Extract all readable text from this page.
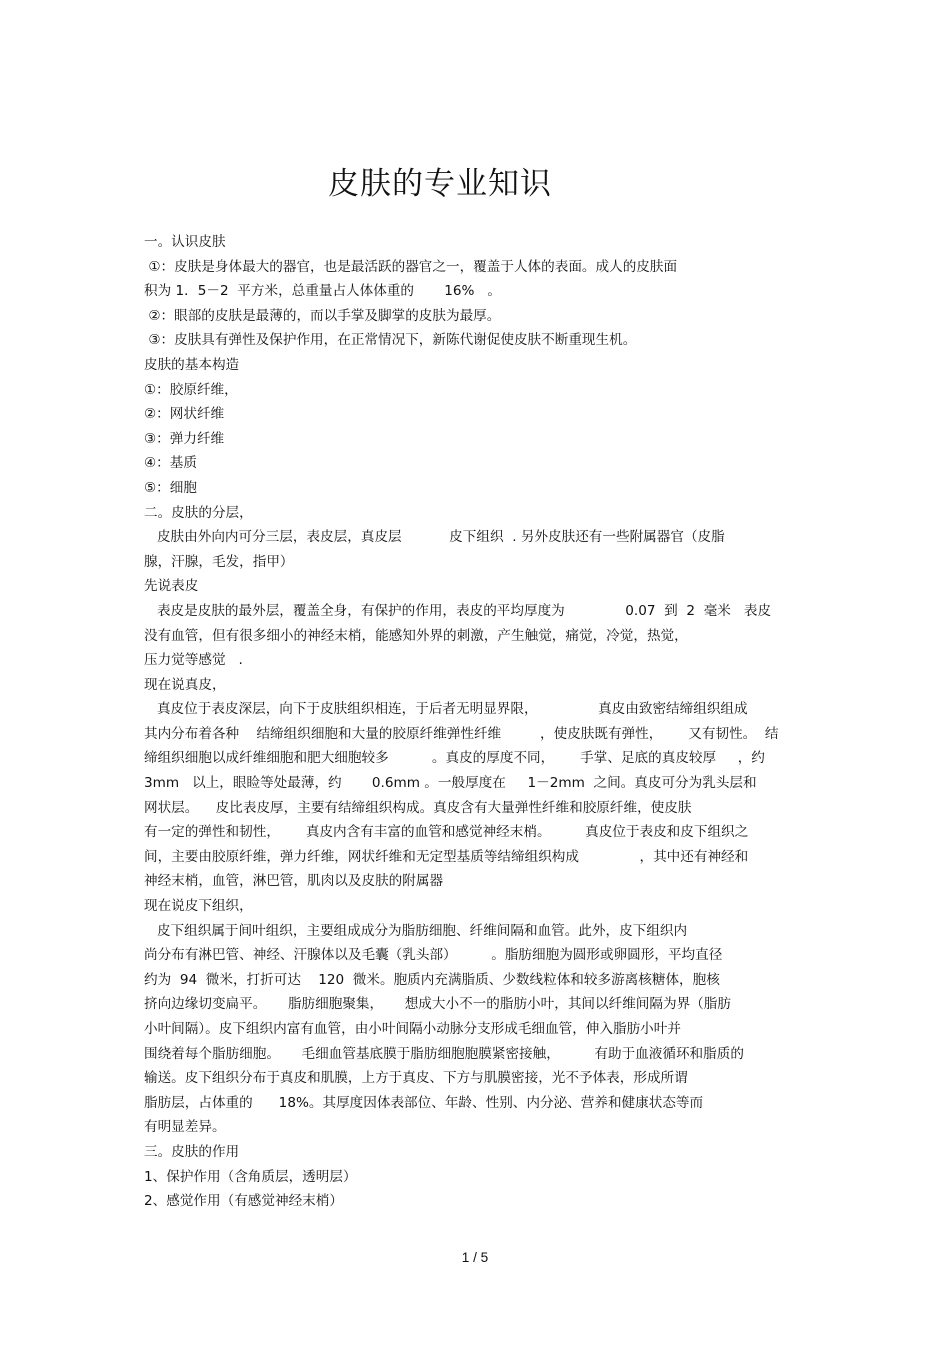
皮肤的专业知识
一。认识皮肤
①：皮肤是身体最大的器官，也是最活跃的器官之一，覆盖于人体的表面。成人的皮肤面
积为 1．5－2  平方米，总重量占人体体重的       16%   。
②：眼部的皮肤是最薄的，而以手掌及脚掌的皮肤为最厚。
③：皮肤具有弹性及保护作用，在正常情况下，新陈代谢促使皮肤不断重现生机。
皮肤的基本构造
①：胶原纤维，
②：网状纤维
③：弹力纤维
④：基质
⑤：细胞
二。皮肤的分层，
皮肤由外向内可分三层，表皮层，真皮层           皮下组织  . 另外皮肤还有一些附属器官（皮脂
腺，汗腺，毛发，指甲）
先说表皮
表皮是皮肤的最外层，覆盖全身，有保护的作用，表皮的平均厚度为              0.07  到  2  毫米   表皮
没有血管，但有很多细小的神经末梢，能感知外界的刺激，产生触觉，痛觉，冷觉，热觉，
压力觉等感觉   .
现在说真皮，
真皮位于表皮深层，向下于皮肤组织相连，于后者无明显界限，              真皮由致密结缔组织组成
其内分布着各种    结缔组织细胞和大量的胶原纤维弹性纤维         ，使皮肤既有弹性，      又有韧性。  结
缔组织细胞以成纤维细胞和肥大细胞较多          。真皮的厚度不同，      手掌、足底的真皮较厚     ，约
3mm   以上，眼睑等处最薄，约       0.6mm 。一般厚度在     1－2mm  之间。真皮可分为乳头层和
网状层。    皮比表皮厚，主要有结缔组织构成。真皮含有大量弹性纤维和胶原纤维，使皮肤
有一定的弹性和韧性，      真皮内含有丰富的血管和感觉神经末梢。        真皮位于表皮和皮下组织之
间，主要由胶原纤维，弹力纤维，网状纤维和无定型基质等结缔组织构成              ，其中还有神经和
神经末梢，血管，淋巴管，肌肉以及皮肤的附属器
现在说皮下组织，
皮下组织属于间叶组织，主要组成成分为脂肪细胞、纤维间隔和血管。此外，皮下组织内
尚分布有淋巴管、神经、汗腺体以及毛囊（乳头部）        。脂肪细胞为圆形或卵圆形，平均直径
约为  94  微米，打折可达    120  微米。胞质内充满脂质、少数线粒体和较多游离核糖体，胞核
挤向边缘切变扁平。     脂肪细胞聚集，     想成大小不一的脂肪小叶，其间以纤维间隔为界（脂肪
小叶间隔）。皮下组织内富有血管，由小叶间隔小动脉分支形成毛细血管，伸入脂肪小叶并
围绕着每个脂肪细胞。     毛细血管基底膜于脂肪细胞胞膜紧密接触，        有助于血液循环和脂质的
输送。皮下组织分布于真皮和肌膜，上方于真皮、下方与肌膜密接，光不予体表，形成所谓
脂肪层，占体重的      18%。其厚度因体表部位、年龄、性别、内分泌、营养和健康状态等而
有明显差异。
三。皮肤的作用
1、保护作用（含角质层，透明层）
2、感觉作用（有感觉神经末梢）
1 / 5
